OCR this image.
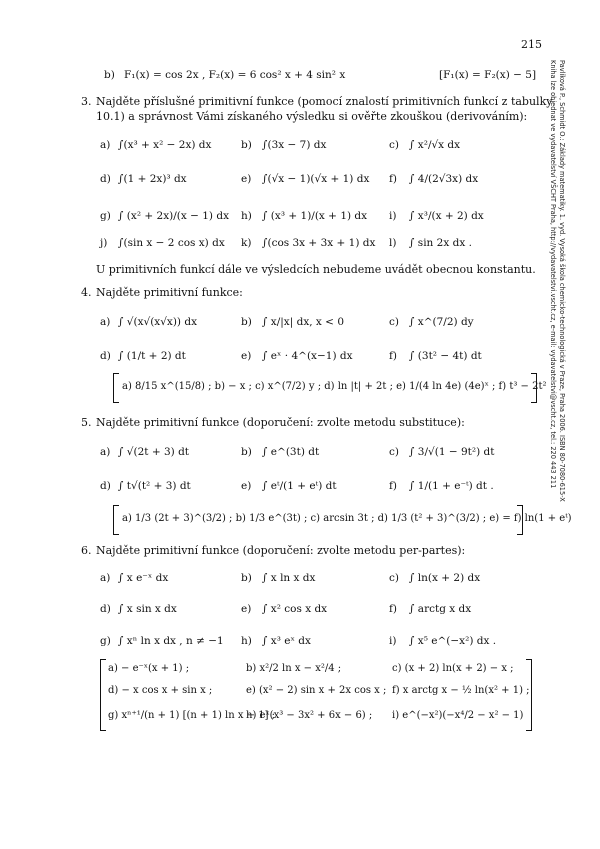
215
Pavlíková P., Schmidt O.: Základy matematiky. 1. vyd. Vysoká škola chemicko-technologická v Praze, Praha 2006. ISBN 80-7080-615-X
Kniha lze objednat ve vydavatelství VŠCHT Praha, http://vydavatelstvi.vscht.cz, e-mail: vydavatelstvi@vscht.cz, tel.: 220 443 211
b) F₁(x) = cos 2x , F₂(x) = 6 cos² x + 4 sin² x	[F₁(x) = F₂(x) − 5]
3. Najděte příslušné primitivní funkce (pomocí znalostí primitivních funkcí z tabulky
10.1) a správnost Vámi získaného výsledku si ověřte zkouškou (derivováním):
a) ∫(x³ + x² − 2x) dx	b) ∫(3x − 7) dx	c) ∫ x²/√x dx
d) ∫(1 + 2x)³ dx	e) ∫(√x − 1)(√x + 1) dx f) ∫ 4/(2√3x) dx
g) ∫ (x² + 2x)/(x − 1) dx h) ∫ (x³ + 1)/(x + 1) dx i) ∫ x³/(x + 2) dx
j) ∫(sin x − 2 cos x) dx k) ∫(cos 3x + 3x + 1) dx l) ∫ sin 2x dx .
U primitivních funkcí dále ve výsledcích nebudeme uvádět obecnou konstantu.
4. Najděte primitivní funkce:
a) ∫ √(x√(x√x)) dx	b) ∫ x/|x| dx, x < 0	c) ∫ x^(7/2) dy
d) ∫ (1/t + 2) dt	e) ∫ eˣ · 4^(x−1) dx	f) ∫ (3t² − 4t) dt
a) 8/15 x^(15/8) ; b) − x ; c) x^(7/2) y ; d) ln |t| + 2t ; e) 1/(4 ln 4e) (4e)ˣ ; f) t³ − 2t²
5. Najděte primitivní funkce (doporučení: zvolte metodu substituce):
a) ∫ √(2t + 3) dt	b) ∫ e^(3t) dt	c) ∫ 3/√(1 − 9t²) dt
d) ∫ t√(t² + 3) dt	e) ∫ eᵗ/(1 + eᵗ) dt	f) ∫ 1/(1 + e⁻ᵗ) dt .
a) 1/3 (2t + 3)^(3/2) ; b) 1/3 e^(3t) ; c) arcsin 3t ; d) 1/3 (t² + 3)^(3/2) ; e) = f) ln(1 + eᵗ)
6. Najděte primitivní funkce (doporučení: zvolte metodu per-partes):
a) ∫ x e⁻ˣ dx	b) ∫ x ln x dx	c) ∫ ln(x + 2) dx
d) ∫ x sin x dx	e) ∫ x² cos x dx	f) ∫ arctg x dx
g) ∫ xⁿ ln x dx , n ≠ −1 h) ∫ x³ eˣ dx	i) ∫ x⁵ e^(−x²) dx .
a) − e⁻ˣ(x + 1) ;	b) x²/2 ln x − x²/4 ;	c) (x + 2) ln(x + 2) − x ;
d) − x cos x + sin x ;	e) (x² − 2) sin x + 2x cos x ; f) x arctg x − ½ ln(x² + 1) ;
g) xⁿ⁺¹/(n + 1) [(n + 1) ln x − 1] ;
h) eˣ(x³ − 3x² + 6x − 6) ; i) e^(−x²)(−x⁴/2 − x² − 1)
